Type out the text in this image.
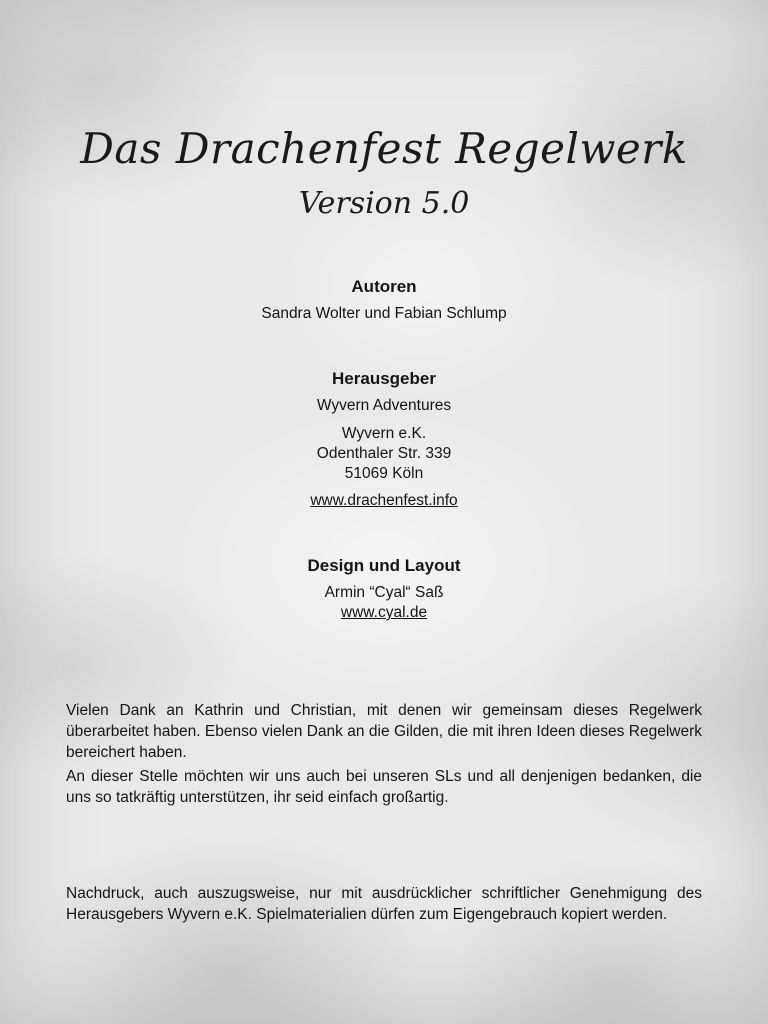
Das Drachenfest Regelwerk
Version 5.0

Autoren

Sandra Wolter und Fabian Schlump

Herausgeber

Wyvern Adventures

Wyvern e.K.

Odenthaler Str. 339

51069 Köln

www.drachenfest.info

Design und Layout

Armin “Cyal“ Saß

www.cyal.de

Vielen Dank an Kathrin und Christian, mit denen wir gemeinsam dieses Regelwerk überarbeitet haben. Ebenso vielen Dank an die Gilden, die mit ihren Ideen dieses Regelwerk bereichert haben.

An dieser Stelle möchten wir uns auch bei unseren SLs und all denjenigen bedanken, die uns so tatkräftig unterstützen, ihr seid einfach großartig.

Nachdruck, auch auszugsweise, nur mit ausdrücklicher schriftlicher Genehmigung des Herausgebers Wyvern e.K. Spielmaterialien dürfen zum Eigengebrauch kopiert werden.
